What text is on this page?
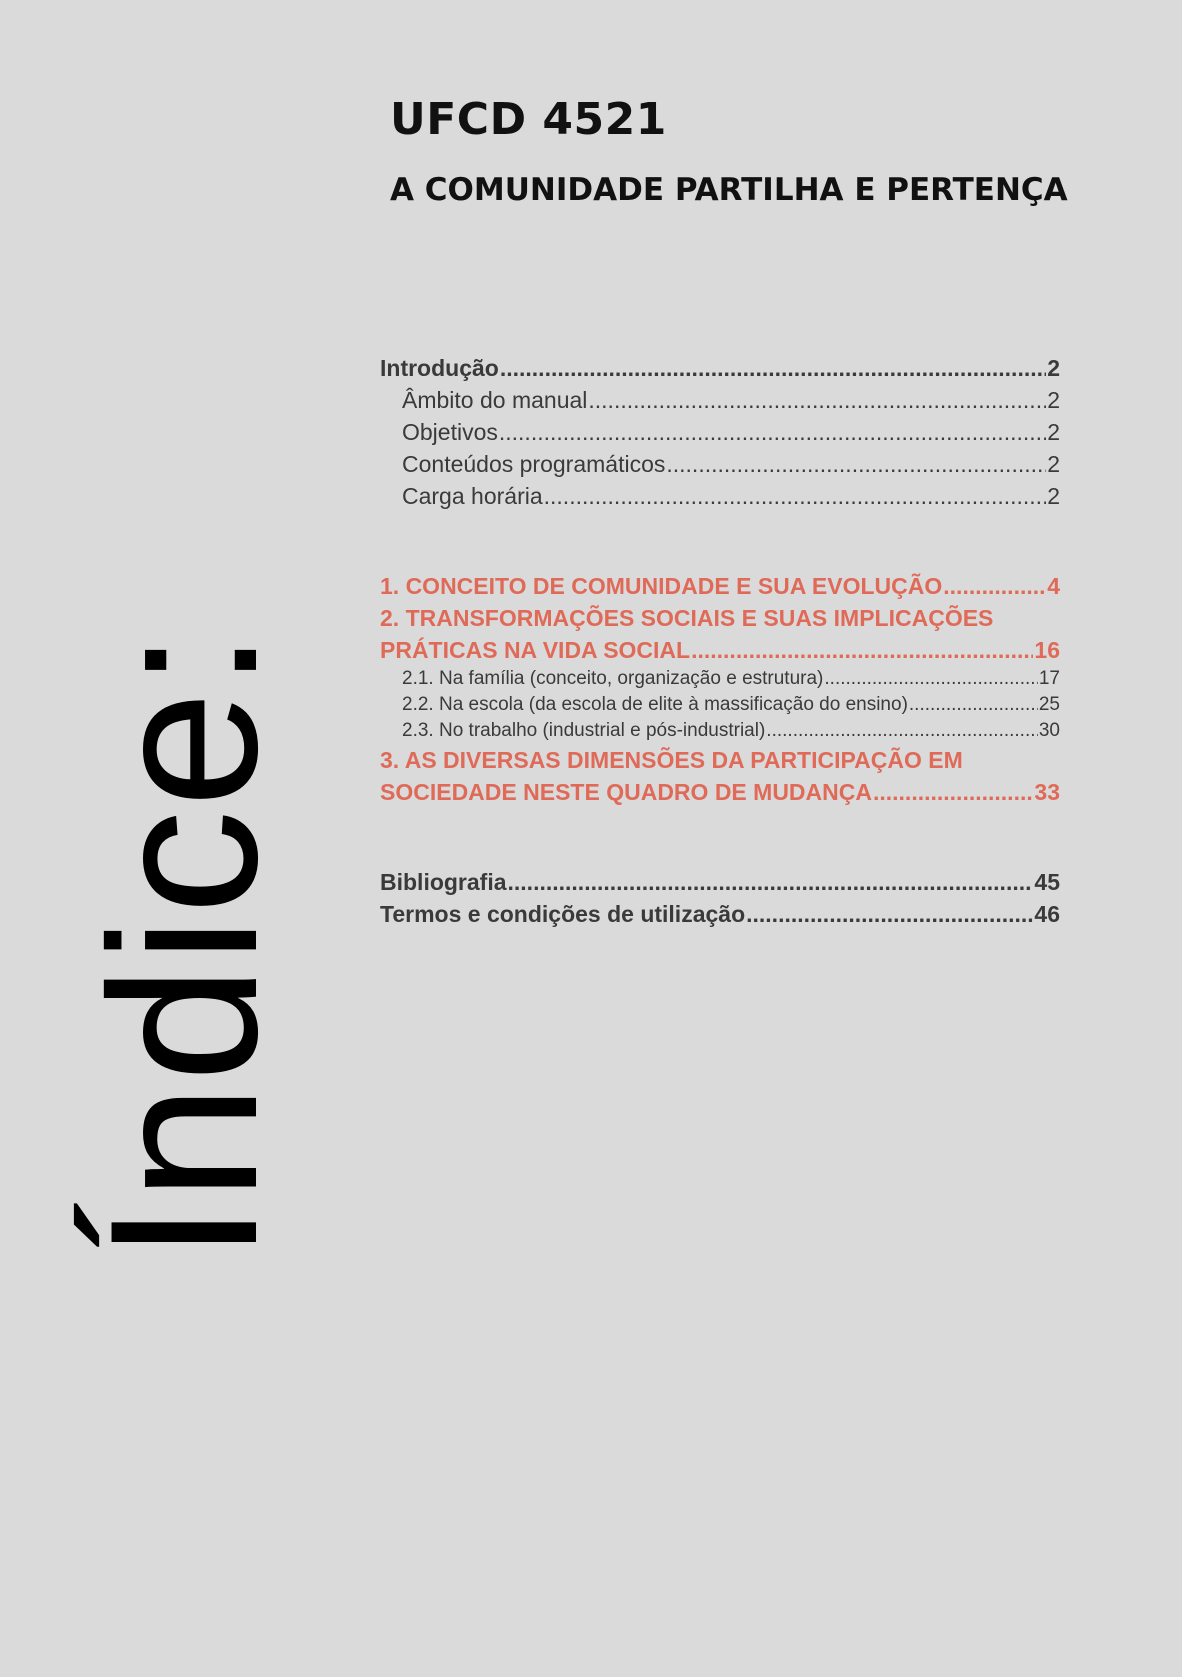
UFCD 4521
A COMUNIDADE PARTILHA E PERTENÇA
Índice:
Introdução .....	2
Âmbito do manual .....	2
Objetivos .....	2
Conteúdos programáticos .....	2
Carga horária .....	2
1. CONCEITO DE COMUNIDADE E SUA EVOLUÇÃO .....	4
2. TRANSFORMAÇÕES SOCIAIS E SUAS IMPLICAÇÕES
PRÁTICAS NA VIDA SOCIAL .....	16
2.1. Na família (conceito, organização e estrutura) .....	17
2.2. Na escola (da escola de elite à massificação do ensino) .....	25
2.3. No trabalho (industrial e pós-industrial) .....	30
3. AS DIVERSAS DIMENSÕES DA PARTICIPAÇÃO EM
SOCIEDADE NESTE QUADRO DE MUDANÇA .....	33
Bibliografia .....	45
Termos e condições de utilização .....	46
